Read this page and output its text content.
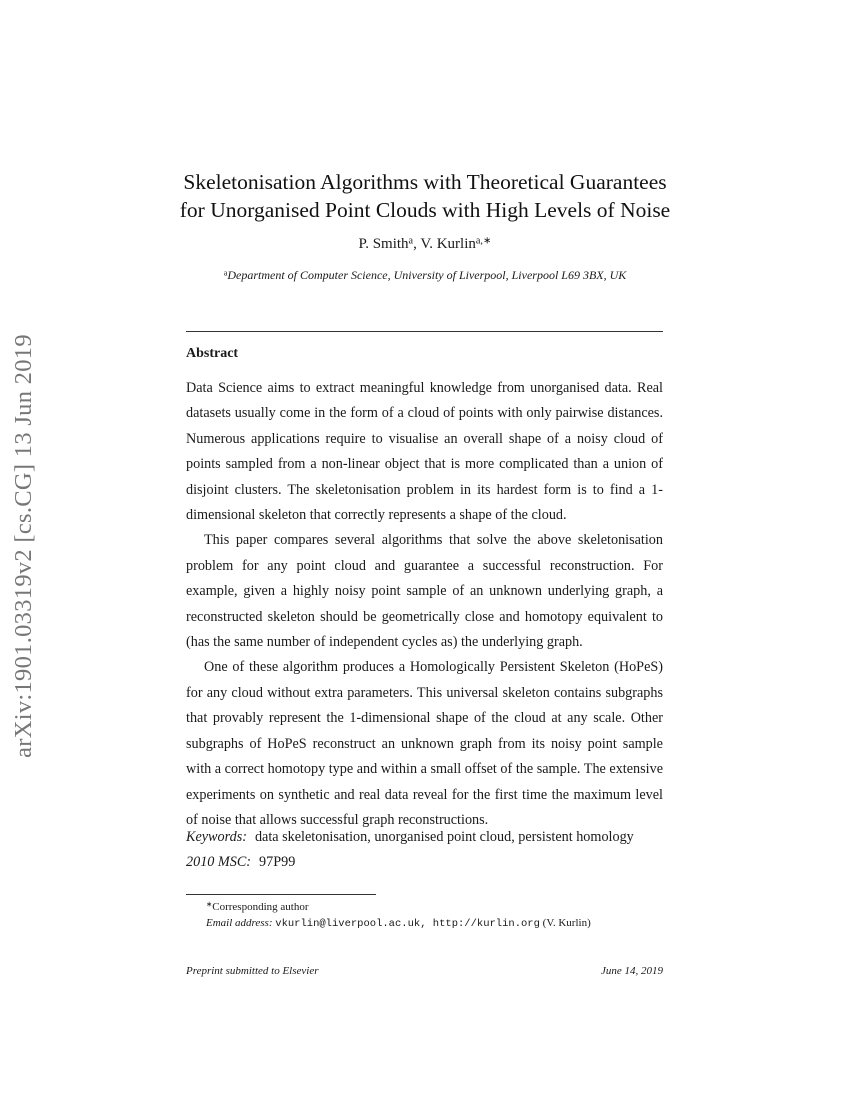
arXiv:1901.03319v2 [cs.CG] 13 Jun 2019
Skeletonisation Algorithms with Theoretical Guarantees
for Unorganised Point Clouds with High Levels of Noise
P. Smith$^a$, V. Kurlin$^{a,∗}$
$^a$Department of Computer Science, University of Liverpool, Liverpool L69 3BX, UK
Abstract

Data Science aims to extract meaningful knowledge from unorganised data. Real datasets usually come in the form of a cloud of points with only pairwise distances. Numerous applications require to visualise an overall shape of a noisy cloud of points sampled from a non-linear object that is more complicated than a union of disjoint clusters. The skeletonisation problem in its hardest form is to find a 1-dimensional skeleton that correctly represents a shape of the cloud.

This paper compares several algorithms that solve the above skeletonisation problem for any point cloud and guarantee a successful reconstruction. For example, given a highly noisy point sample of an unknown underlying graph, a reconstructed skeleton should be geometrically close and homotopy equivalent to (has the same number of independent cycles as) the underlying graph.

One of these algorithm produces a Homologically Persistent Skeleton (HoPeS) for any cloud without extra parameters. This universal skeleton contains subgraphs that provably represent the 1-dimensional shape of the cloud at any scale. Other subgraphs of HoPeS reconstruct an unknown graph from its noisy point sample with a correct homotopy type and within a small offset of the sample. The extensive experiments on synthetic and real data reveal for the first time the maximum level of noise that allows successful graph reconstructions.

Keywords: data skeletonisation, unorganised point cloud, persistent homology
2010 MSC: 97P99
∗Corresponding author
Email address: vkurlin@liverpool.ac.uk, http://kurlin.org (V. Kurlin)
Preprint submitted to Elsevier	June 14, 2019
